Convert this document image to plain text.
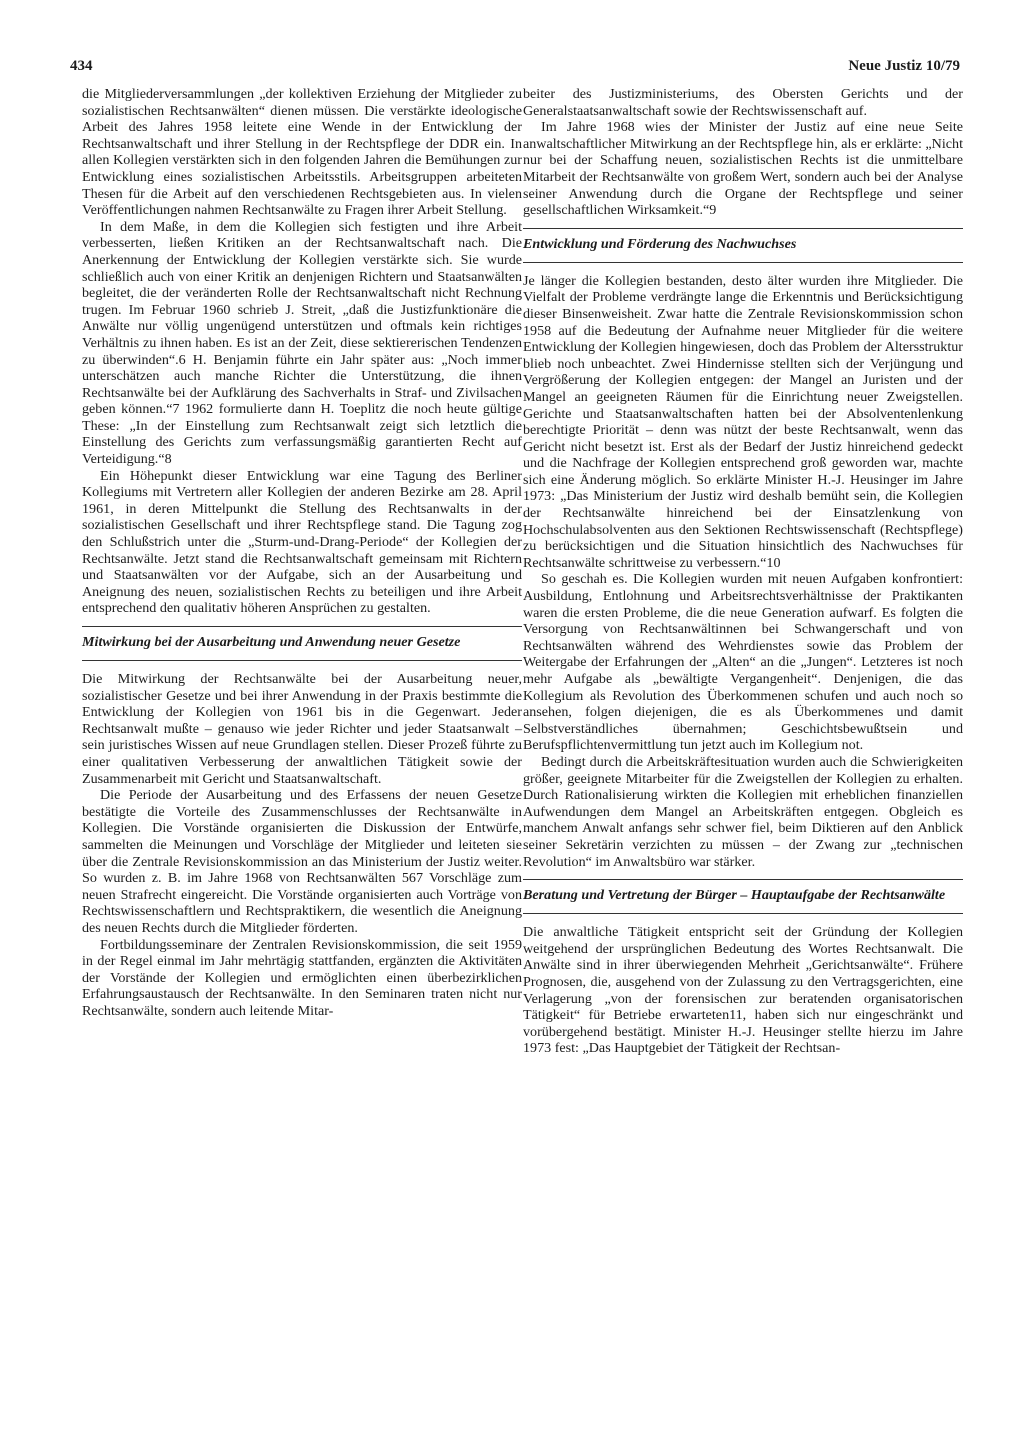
434	Neue Justiz 10/79

die Mitgliederversammlungen „der kollektiven Erziehung der Mitglieder zu sozialistischen Rechtsanwälten“ dienen müssen. Die verstärkte ideologische Arbeit des Jahres 1958 leitete eine Wende in der Entwicklung der Rechtsanwaltschaft und ihrer Stellung in der Rechtspflege der DDR ein. In allen Kollegien verstärkten sich in den folgenden Jahren die Bemühungen zur Entwicklung eines sozialistischen Arbeitsstils. Arbeitsgruppen arbeiteten Thesen für die Arbeit auf den verschiedenen Rechtsgebieten aus. In vielen Veröffentlichungen nahmen Rechtsanwälte zu Fragen ihrer Arbeit Stellung.

In dem Maße, in dem die Kollegien sich festigten und ihre Arbeit verbesserten, ließen Kritiken an der Rechtsanwaltschaft nach. Die Anerkennung der Entwicklung der Kollegien verstärkte sich. Sie wurde schließlich auch von einer Kritik an denjenigen Richtern und Staatsanwälten begleitet, die der veränderten Rolle der Rechtsanwaltschaft nicht Rechnung trugen. Im Februar 1960 schrieb J. Streit, „daß die Justizfunktionäre die Anwälte nur völlig ungenügend unterstützen und oftmals kein richtiges Verhältnis zu ihnen haben. Es ist an der Zeit, diese sektiererischen Tendenzen zu überwinden“.6 H. Benjamin führte ein Jahr später aus: „Noch immer unterschätzen auch manche Richter die Unterstützung, die ihnen Rechtsanwälte bei der Aufklärung des Sachverhalts in Straf- und Zivilsachen geben können.“7 1962 formulierte dann H. Toeplitz die noch heute gültige These: „In der Einstellung zum Rechtsanwalt zeigt sich letztlich die Einstellung des Gerichts zum verfassungsmäßig garantierten Recht auf Verteidigung.“8

Ein Höhepunkt dieser Entwicklung war eine Tagung des Berliner Kollegiums mit Vertretern aller Kollegien der anderen Bezirke am 28. April 1961, in deren Mittelpunkt die Stellung des Rechtsanwalts in der sozialistischen Gesellschaft und ihrer Rechtspflege stand. Die Tagung zog den Schlußstrich unter die „Sturm-und-Drang-Periode“ der Kollegien der Rechtsanwälte. Jetzt stand die Rechtsanwaltschaft gemeinsam mit Richtern und Staatsanwälten vor der Aufgabe, sich an der Ausarbeitung und Aneignung des neuen, sozialistischen Rechts zu beteiligen und ihre Arbeit entsprechend den qualitativ höheren Ansprüchen zu gestalten.

Mitwirkung bei der Ausarbeitung und Anwendung neuer Gesetze

Die Mitwirkung der Rechtsanwälte bei der Ausarbeitung neuer, sozialistischer Gesetze und bei ihrer Anwendung in der Praxis bestimmte die Entwicklung der Kollegien von 1961 bis in die Gegenwart. Jeder Rechtsanwalt mußte – genauso wie jeder Richter und jeder Staatsanwalt – sein juristisches Wissen auf neue Grundlagen stellen. Dieser Prozeß führte zu einer qualitativen Verbesserung der anwaltlichen Tätigkeit sowie der Zusammenarbeit mit Gericht und Staatsanwaltschaft.

Die Periode der Ausarbeitung und des Erfassens der neuen Gesetze bestätigte die Vorteile des Zusammenschlusses der Rechtsanwälte in Kollegien. Die Vorstände organisierten die Diskussion der Entwürfe, sammelten die Meinungen und Vorschläge der Mitglieder und leiteten sie über die Zentrale Revisionskommission an das Ministerium der Justiz weiter. So wurden z. B. im Jahre 1968 von Rechtsanwälten 567 Vorschläge zum neuen Strafrecht eingereicht. Die Vorstände organisierten auch Vorträge von Rechtswissenschaftlern und Rechtspraktikern, die wesentlich die Aneignung des neuen Rechts durch die Mitglieder förderten.

Fortbildungsseminare der Zentralen Revisionskommission, die seit 1959 in der Regel einmal im Jahr mehrtägig stattfanden, ergänzten die Aktivitäten der Vorstände der Kollegien und ermöglichten einen überbezirklichen Erfahrungsaustausch der Rechtsanwälte. In den Seminaren traten nicht nur Rechtsanwälte, sondern auch leitende Mitar-

beiter des Justizministeriums, des Obersten Gerichts und der Generalstaatsanwaltschaft sowie der Rechtswissenschaft auf.

Im Jahre 1968 wies der Minister der Justiz auf eine neue Seite anwaltschaftlicher Mitwirkung an der Rechtspflege hin, als er erklärte: „Nicht nur bei der Schaffung neuen, sozialistischen Rechts ist die unmittelbare Mitarbeit der Rechtsanwälte von großem Wert, sondern auch bei der Analyse seiner Anwendung durch die Organe der Rechtspflege und seiner gesellschaftlichen Wirksamkeit.“9

Entwicklung und Förderung des Nachwuchses

Je länger die Kollegien bestanden, desto älter wurden ihre Mitglieder. Die Vielfalt der Probleme verdrängte lange die Erkenntnis und Berücksichtigung dieser Binsenweisheit. Zwar hatte die Zentrale Revisionskommission schon 1958 auf die Bedeutung der Aufnahme neuer Mitglieder für die weitere Entwicklung der Kollegien hingewiesen, doch das Problem der Altersstruktur blieb noch unbeachtet. Zwei Hindernisse stellten sich der Verjüngung und Vergrößerung der Kollegien entgegen: der Mangel an Juristen und der Mangel an geeigneten Räumen für die Einrichtung neuer Zweigstellen. Gerichte und Staatsanwaltschaften hatten bei der Absolventenlenkung berechtigte Priorität – denn was nützt der beste Rechtsanwalt, wenn das Gericht nicht besetzt ist. Erst als der Bedarf der Justiz hinreichend gedeckt und die Nachfrage der Kollegien entsprechend groß geworden war, machte sich eine Änderung möglich. So erklärte Minister H.-J. Heusinger im Jahre 1973: „Das Ministerium der Justiz wird deshalb bemüht sein, die Kollegien der Rechtsanwälte hinreichend bei der Einsatzlenkung von Hochschulabsolventen aus den Sektionen Rechtswissenschaft (Rechtspflege) zu berücksichtigen und die Situation hinsichtlich des Nachwuchses für Rechtsanwälte schrittweise zu verbessern.“10

So geschah es. Die Kollegien wurden mit neuen Aufgaben konfrontiert: Ausbildung, Entlohnung und Arbeitsrechtsverhältnisse der Praktikanten waren die ersten Probleme, die die neue Generation aufwarf. Es folgten die Versorgung von Rechtsanwältinnen bei Schwangerschaft und von Rechtsanwälten während des Wehrdienstes sowie das Problem der Weitergabe der Erfahrungen der „Alten“ an die „Jungen“. Letzteres ist noch mehr Aufgabe als „bewältigte Vergangenheit“. Denjenigen, die das Kollegium als Revolution des Überkommenen schufen und auch noch so ansehen, folgen diejenigen, die es als Überkommenes und damit Selbstverständliches übernahmen; Geschichtsbewußtsein und Berufspflichtenvermittlung tun jetzt auch im Kollegium not.

Bedingt durch die Arbeitskräftesituation wurden auch die Schwierigkeiten größer, geeignete Mitarbeiter für die Zweigstellen der Kollegien zu erhalten. Durch Rationalisierung wirkten die Kollegien mit erheblichen finanziellen Aufwendungen dem Mangel an Arbeitskräften entgegen. Obgleich es manchem Anwalt anfangs sehr schwer fiel, beim Diktieren auf den Anblick seiner Sekretärin verzichten zu müssen – der Zwang zur „technischen Revolution“ im Anwaltsbüro war stärker.

Beratung und Vertretung der Bürger – Hauptaufgabe der Rechtsanwälte

Die anwaltliche Tätigkeit entspricht seit der Gründung der Kollegien weitgehend der ursprünglichen Bedeutung des Wortes Rechtsanwalt. Die Anwälte sind in ihrer überwiegenden Mehrheit „Gerichtsanwälte“. Frühere Prognosen, die, ausgehend von der Zulassung zu den Vertragsgerichten, eine Verlagerung „von der forensischen zur beratenden organisatorischen Tätigkeit“ für Betriebe erwarteten11, haben sich nur eingeschränkt und vorübergehend bestätigt. Minister H.-J. Heusinger stellte hierzu im Jahre 1973 fest: „Das Hauptgebiet der Tätigkeit der Rechtsan-
